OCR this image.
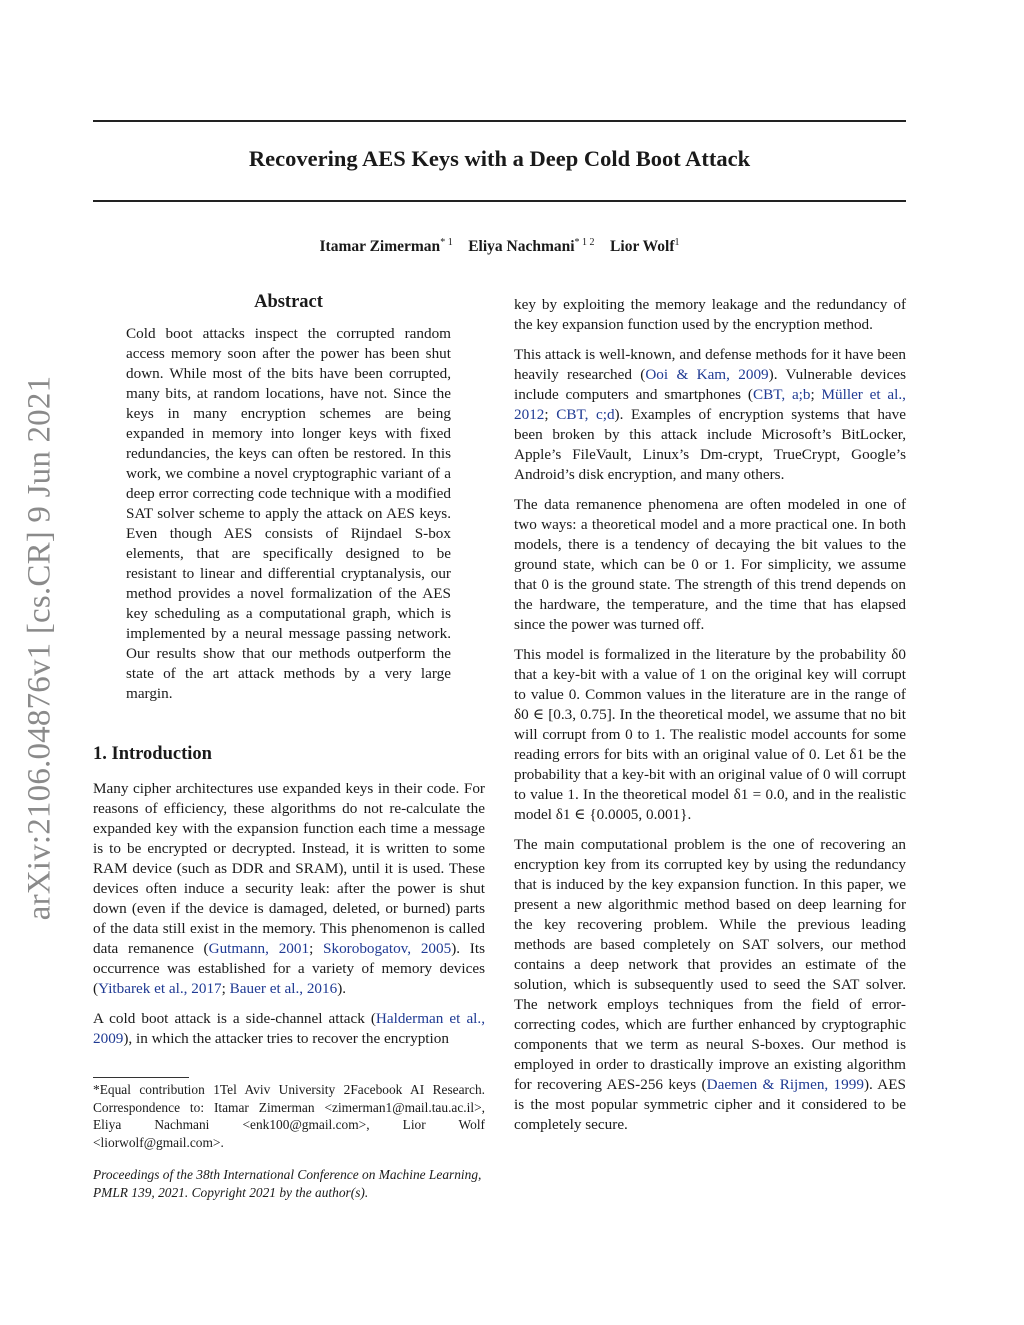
Recovering AES Keys with a Deep Cold Boot Attack
Itamar Zimerman$^{* 1}$ Eliya Nachmani$^{* 1 2}$ Lior Wolf$^1$
arXiv:2106.04876v1 [cs.CR] 9 Jun 2021
Abstract
Cold boot attacks inspect the corrupted random access memory soon after the power has been shut down. While most of the bits have been corrupted, many bits, at random locations, have not. Since the keys in many encryption schemes are being expanded in memory into longer keys with fixed redundancies, the keys can often be restored. In this work, we combine a novel cryptographic variant of a deep error correcting code technique with a modified SAT solver scheme to apply the attack on AES keys. Even though AES consists of Rijndael S-box elements, that are specifically designed to be resistant to linear and differential cryptanalysis, our method provides a novel formalization of the AES key scheduling as a computational graph, which is implemented by a neural message passing network. Our results show that our methods outperform the state of the art attack methods by a very large margin.
1. Introduction

Many cipher architectures use expanded keys in their code. For reasons of efficiency, these algorithms do not re-calculate the expanded key with the expansion function each time a message is to be encrypted or decrypted. Instead, it is written to some RAM device (such as DDR and SRAM), until it is used. These devices often induce a security leak: after the power is shut down (even if the device is damaged, deleted, or burned) parts of the data still exist in the memory. This phenomenon is called data remanence (Gutmann, 2001; Skorobogatov, 2005). Its occurrence was established for a variety of memory devices (Yitbarek et al., 2017; Bauer et al., 2016).

A cold boot attack is a side-channel attack (Halderman et al., 2009), in which the attacker tries to recover the encryption

*Equal contribution 1Tel Aviv University 2Facebook AI Research. Correspondence to: Itamar Zimerman <zimerman1@mail.tau.ac.il>, Eliya Nachmani <enk100@gmail.com>, Lior Wolf <liorwolf@gmail.com>.
Proceedings of the 38th International Conference on Machine Learning, PMLR 139, 2021. Copyright 2021 by the author(s).

key by exploiting the memory leakage and the redundancy of the key expansion function used by the encryption method.

This attack is well-known, and defense methods for it have been heavily researched (Ooi & Kam, 2009). Vulnerable devices include computers and smartphones (CBT, a;b; Müller et al., 2012; CBT, c;d). Examples of encryption systems that have been broken by this attack include Microsoft’s BitLocker, Apple’s FileVault, Linux’s Dm-crypt, TrueCrypt, Google’s Android’s disk encryption, and many others.

The data remanence phenomena are often modeled in one of two ways: a theoretical model and a more practical one. In both models, there is a tendency of decaying the bit values to the ground state, which can be 0 or 1. For simplicity, we assume that 0 is the ground state. The strength of this trend depends on the hardware, the temperature, and the time that has elapsed since the power was turned off.

This model is formalized in the literature by the probability δ0 that a key-bit with a value of 1 on the original key will corrupt to value 0. Common values in the literature are in the range of δ0 ∈ [0.3, 0.75]. In the theoretical model, we assume that no bit will corrupt from 0 to 1. The realistic model accounts for some reading errors for bits with an original value of 0. Let δ1 be the probability that a key-bit with an original value of 0 will corrupt to value 1. In the theoretical model δ1 = 0.0, and in the realistic model δ1 ∈ {0.0005, 0.001}.

The main computational problem is the one of recovering an encryption key from its corrupted key by using the redundancy that is induced by the key expansion function. In this paper, we present a new algorithmic method based on deep learning for the key recovering problem. While the previous leading methods are based completely on SAT solvers, our method contains a deep network that provides an estimate of the solution, which is subsequently used to seed the SAT solver. The network employs techniques from the field of error-correcting codes, which are further enhanced by cryptographic components that we term as neural S-boxes. Our method is employed in order to drastically improve an existing algorithm for recovering AES-256 keys (Daemen & Rijmen, 1999). AES is the most popular symmetric cipher and it considered to be completely secure.
